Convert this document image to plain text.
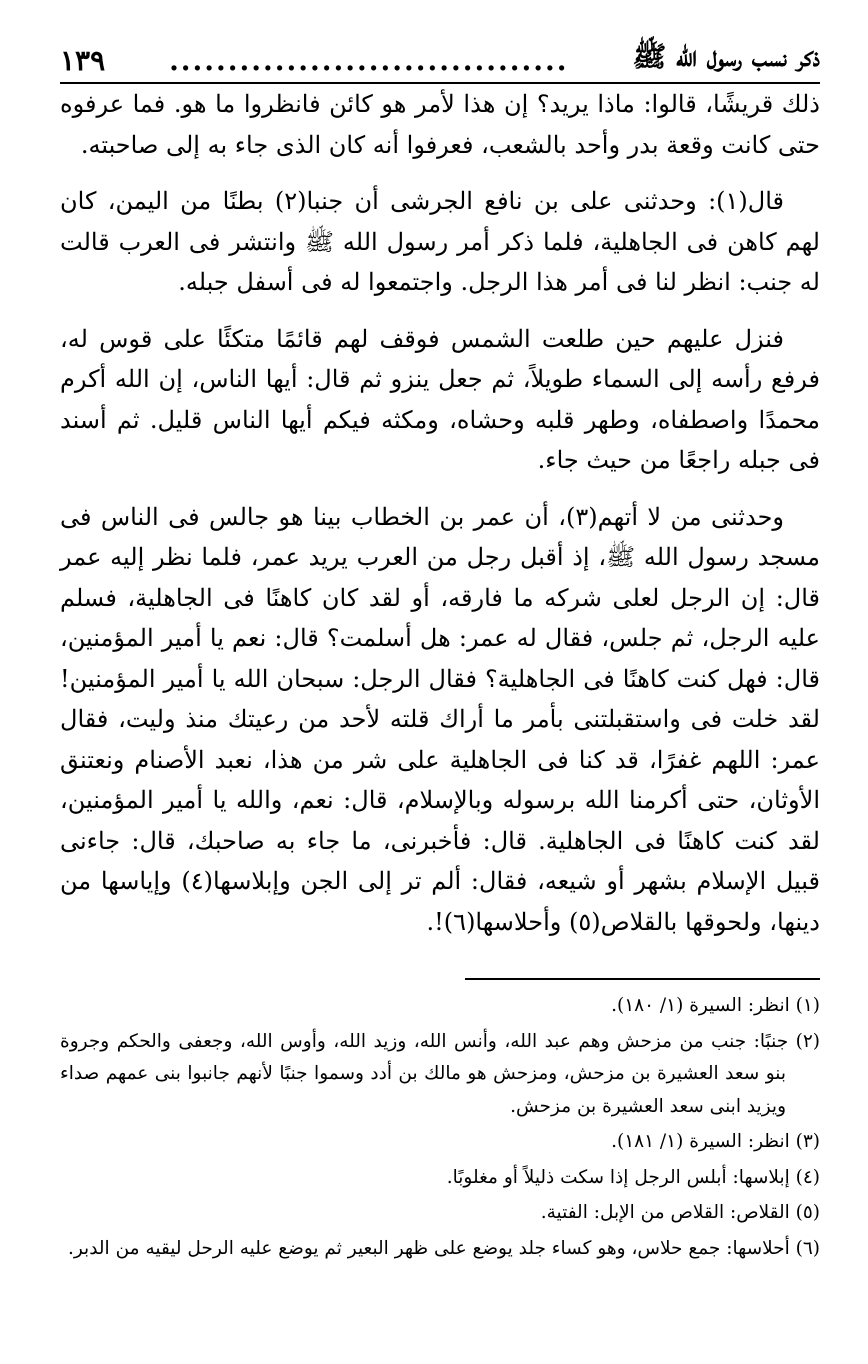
ذكر نسب رسول الله ﷺ
..................................
١٣٩

ذلك قريشًا، قالوا: ماذا يريد؟ إن هذا لأمر هو كائن فانظروا ما هو. فما عرفوه حتى كانت وقعة بدر وأحد بالشعب، فعرفوا أنه كان الذى جاء به إلى صاحبته.

قال(١): وحدثنى على بن نافع الجرشى أن جنبا(٢) بطنًا من اليمن، كان لهم كاهن فى الجاهلية، فلما ذكر أمر رسول الله ﷺ وانتشر فى العرب قالت له جنب: انظر لنا فى أمر هذا الرجل. واجتمعوا له فى أسفل جبله.

فنزل عليهم حين طلعت الشمس فوقف لهم قائمًا متكئًا على قوس له، فرفع رأسه إلى السماء طويلاً، ثم جعل ينزو ثم قال: أيها الناس، إن الله أكرم محمدًا واصطفاه، وطهر قلبه وحشاه، ومكثه فيكم أيها الناس قليل. ثم أسند فى جبله راجعًا من حيث جاء.

وحدثنى من لا أتهم(٣)، أن عمر بن الخطاب بينا هو جالس فى الناس فى مسجد رسول الله ﷺ، إذ أقبل رجل من العرب يريد عمر، فلما نظر إليه عمر قال: إن الرجل لعلى شركه ما فارقه، أو لقد كان كاهنًا فى الجاهلية، فسلم عليه الرجل، ثم جلس، فقال له عمر: هل أسلمت؟ قال: نعم يا أمير المؤمنين، قال: فهل كنت كاهنًا فى الجاهلية؟ فقال الرجل: سبحان الله يا أمير المؤمنين! لقد خلت فى واستقبلتنى بأمر ما أراك قلته لأحد من رعيتك منذ وليت، فقال عمر: اللهم غفرًا، قد كنا فى الجاهلية على شر من هذا، نعبد الأصنام ونعتنق الأوثان، حتى أكرمنا الله برسوله وبالإسلام، قال: نعم، والله يا أمير المؤمنين، لقد كنت كاهنًا فى الجاهلية. قال: فأخبرنى، ما جاء به صاحبك، قال: جاءنى قبيل الإسلام بشهر أو شيعه، فقال: ألم تر إلى الجن وإبلاسها(٤) وإياسها من دينها، ولحوقها بالقلاص(٥) وأحلاسها(٦)!.

(١) انظر: السيرة (١/ ١٨٠).

(٢) جنبًا: جنب من مزحش وهم عبد الله، وأنس الله، وزيد الله، وأوس الله، وجعفى والحكم وجروة بنو سعد العشيرة بن مزحش، ومزحش هو مالك بن أدد وسموا جنبًا لأنهم جانبوا بنى عمهم صداء ويزيد ابنى سعد العشيرة بن مزحش.

(٣) انظر: السيرة (١/ ١٨١).

(٤) إبلاسها: أبلس الرجل إذا سكت ذليلاً أو مغلوبًا.

(٥) القلاص: القلاص من الإبل: الفتية.

(٦) أحلاسها: جمع حلاس، وهو كساء جلد يوضع على ظهر البعير ثم يوضع عليه الرحل ليقيه من الدبر.
